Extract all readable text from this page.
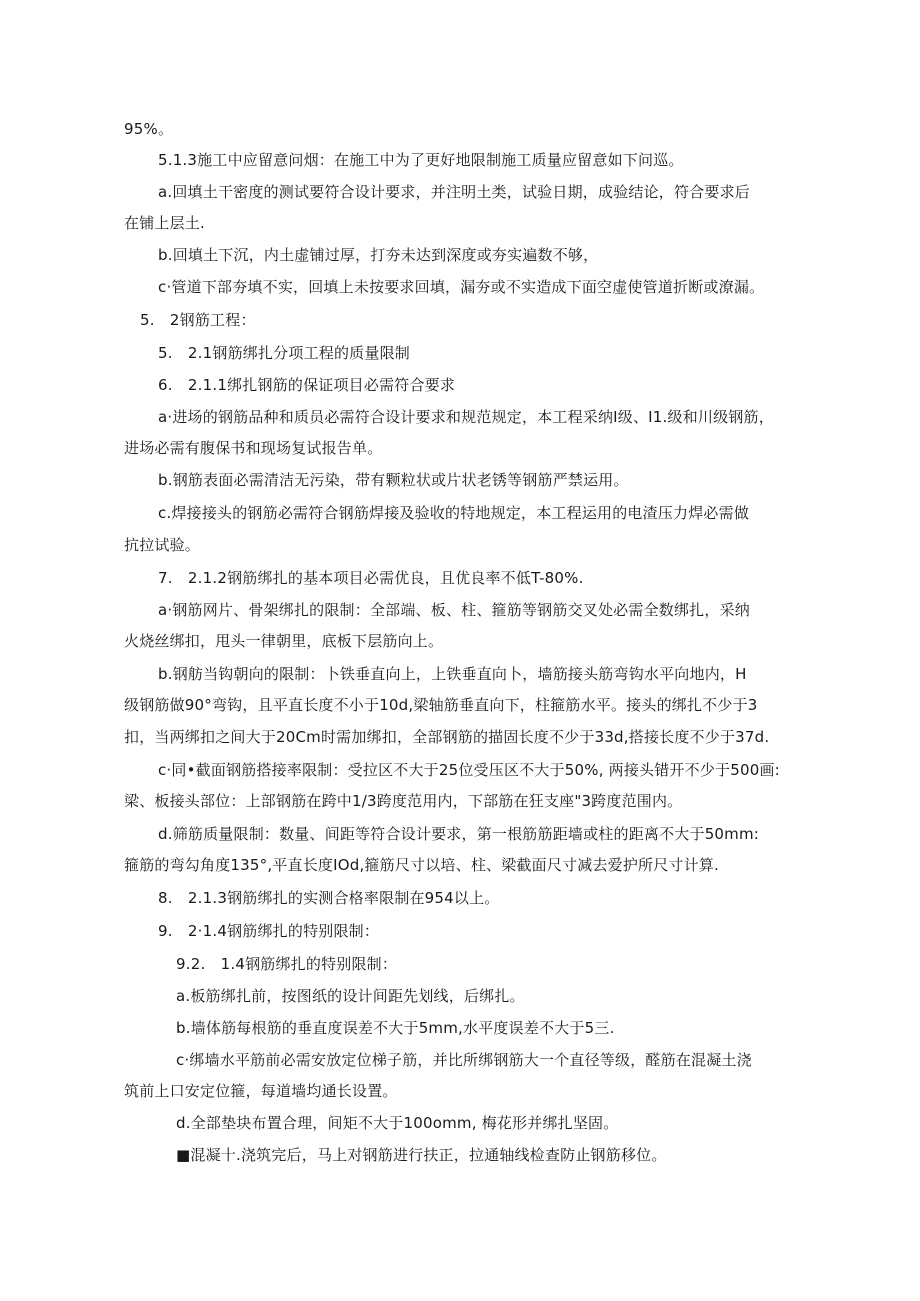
95%。

5.1.3施工中应留意问烟：在施工中为了更好地限制施工质量应留意如下问巡。

a.回填土干密度的测试要符合设计要求，并注明土类，试验日期，成验结论，符合要求后

在铺上层土.

b.回填土下沉，内土虚铺过厚，打夯未达到深度或夯实遍数不够，

c·管道下部夯填不实，回填上未按要求回填，漏夯或不实造成下面空虚使管道折断或潦漏。

5.　2钢筋工程：

5.　2.1钢筋绑扎分项工程的质量限制

6.　2.1.1绑扎钢筋的保证项目必需符合要求

a·进场的钢筋品种和质员必需符合设计要求和规范规定，本工程采纳I级、I1.级和川级钢筋，

进场必需有腹保书和现场复试报告单。

b.钢筋表面必需清洁无污染，带有颗粒状或片状老锈等钢筋严禁运用。

c.焊接接头的钢筋必需符合钢筋焊接及验收的特地规定，本工程运用的电渣压力焊必需做

抗拉试验。

7.　2.1.2钢筋绑扎的基本项目必需优良，且优良率不低T-80%.

a·钢筋网片、骨架绑扎的限制：全部端、板、柱、箍筋等钢筋交叉处必需全数绑扎，采纳

火烧丝绑扣，甩头一律朝里，底板下层筋向上。

b.钢舫当钩朝向的限制：卜铁垂直向上，上铁垂直向卜，墙筋接头筋弯钩水平向地内，H

级钢筋做90°弯钩，且平直长度不小于10d,梁轴筋垂直向下，柱箍筋水平。接头的绑扎不少于3

扣，当两绑扣之间大于20Cm时需加绑扣，全部钢筋的描固长度不少于33d,搭接长度不少于37d.

c·同•截面钢筋搭接率限制：受拉区不大于25位受压区不大于50%, 两接头错开不少于500画:

梁、板接头部位：上部钢筋在跨中1/3跨度范用内，下部筋在狂支座"3跨度范围内。

d.筛筋质量限制：数量、间距等符合设计要求，第一根筋筋距墙或柱的距离不大于50mm:

箍筋的弯勾角度135°,平直长度IOd,箍筋尺寸以培、柱、梁截面尺寸减去爱护所尺寸计算.

8.　2.1.3钢筋绑扎的实测合格率限制在954以上。

9.　2·1.4钢筋绑扎的特别限制：

9.2.　1.4钢筋绑扎的特别限制：

a.板筋绑扎前，按图纸的设计间距先划线，后绑扎。

b.墙体筋每根筋的垂直度误差不大于5mm,水平度误差不大于5三.

c·绑墙水平筋前必需安放定位梯子筋，并比所绑钢筋大一个直径等级，醛筋在混凝土浇

筑前上口安定位箍，每道墙均通长设置。

d.全部垫块布置合理，间矩不大于100omm, 梅花形并绑扎坚固。

■混凝十.浇筑完后，马上对钢筋进行扶正，拉通轴线检查防止钢筋移位。
